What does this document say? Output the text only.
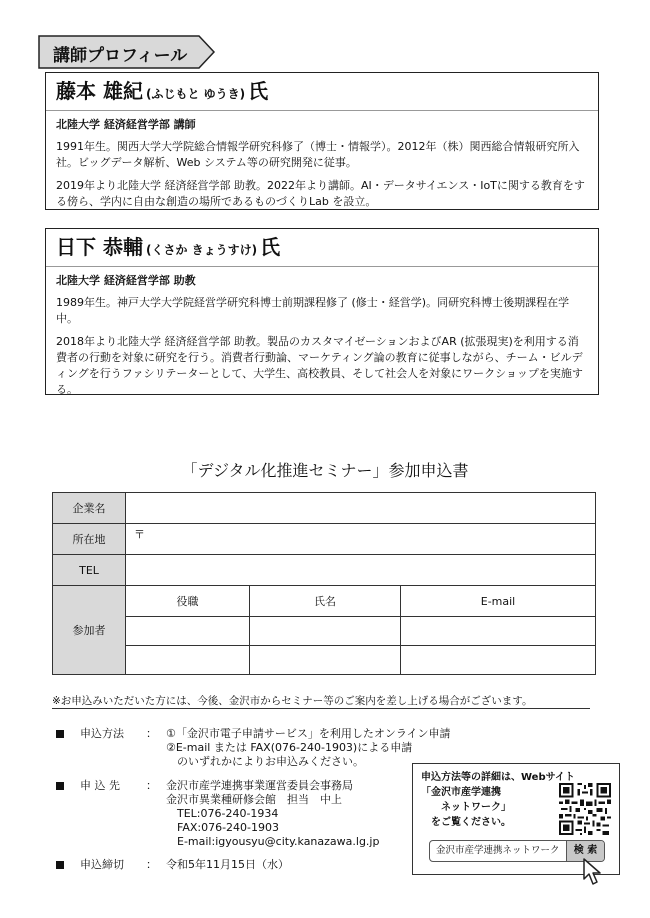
講師プロフィール
藤本 雄紀 (ふじもと ゆうき) 氏
北陸大学 経済経営学部 講師
1991年生。関西大学大学院総合情報学研究科修了（博士・情報学）。2012年（株）関西総合情報研究所入社。ビッグデータ解析、Web システム等の研究開発に従事。
2019年より北陸大学 経済経営学部 助教。2022年より講師。AI・データサイエンス・IoTに関する教育をする傍ら、学内に自由な創造の場所であるものづくりLab を設立。
日下 恭輔 (くさか きょうすけ) 氏
北陸大学 経済経営学部 助教
1989年生。神戸大学大学院経営学研究科博士前期課程修了 (修士・経営学)。同研究科博士後期課程在学中。
2018年より北陸大学 経済経営学部 助教。製品のカスタマイゼーションおよびAR (拡張現実)を利用する消費者の行動を対象に研究を行う。消費者行動論、マーケティング論の教育に従事しながら、チーム・ビルディングを行うファシリテーターとして、大学生、高校教員、そして社会人を対象にワークショップを実施する。
「デジタル化推進セミナー」参加申込書
企業名			
所在地	〒		
TEL			
参加者	役職	氏名	E-mail

※お申込みいただいた方には、今後、金沢市からセミナー等のご案内を差し上げる場合がございます。
申込方法 ： ①「金沢市電子申請サービス」を利用したオンライン申請
②E-mail または FAX(076-240-1903)による申請
　のいずれかによりお申込みください。
申 込 先 ： 金沢市産学連携事業運営委員会事務局
金沢市異業種研修会館　担当　中上
　TEL:076-240-1934
　FAX:076-240-1903
　E-mail:igyousyu@city.kanazawa.lg.jp
申込締切 ： 令和5年11月15日（水）
申込方法等の詳細は、Webサイト
「金沢市産学連携
　　ネットワーク」
　をご覧ください。
金沢市産学連携ネットワーク	検 索
